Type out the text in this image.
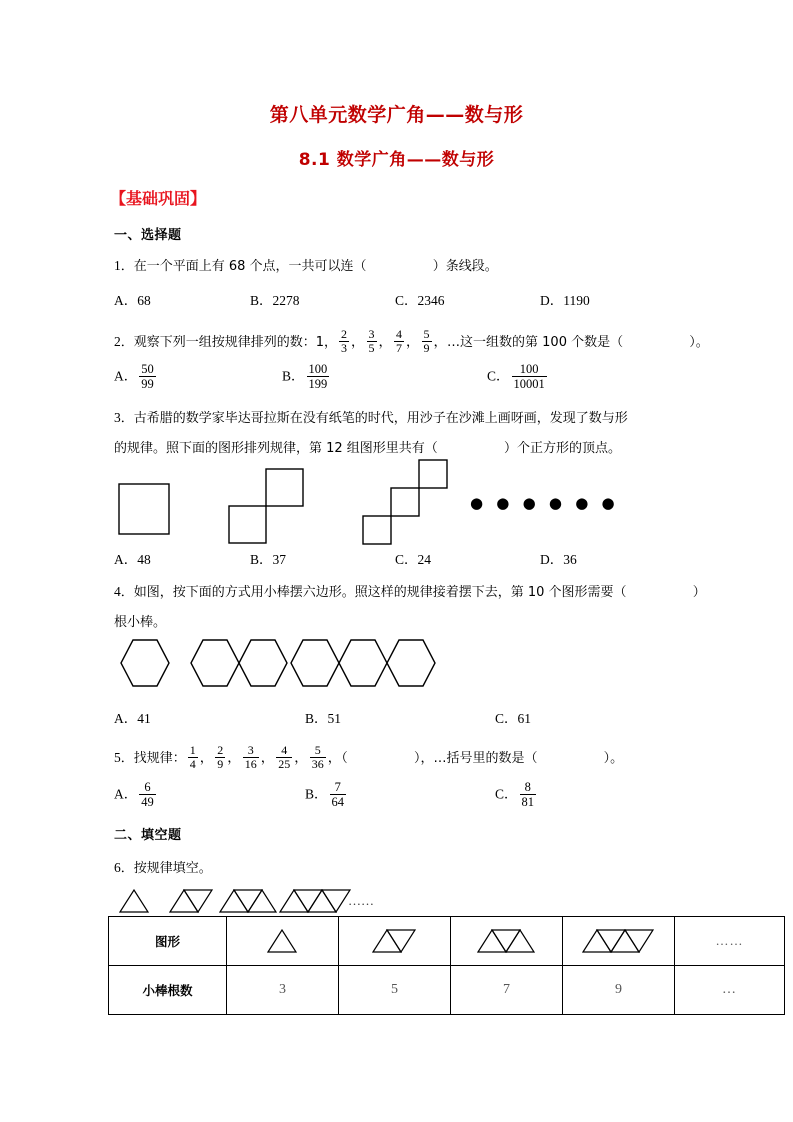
第八单元数学广角——数与形
8.1 数学广角——数与形
【基础巩固】
一、选择题
1．在一个平面上有 68 个点，一共可以连（	）条线段。
A．68	B．2278	C．2346	D．1190
2．观察下列一组按规律排列的数：1， $\frac{2}{3}$ ， $\frac{3}{5}$ ， $\frac{4}{7}$ ， $\frac{5}{9}$ ，…这一组数的第 100 个数是（	）。
A． $\frac{50}{99}$	B． $\frac{100}{199}$	C． $\frac{100}{10001}$
3．古希腊的数学家毕达哥拉斯在没有纸笔的时代，用沙子在沙滩上画呀画，发现了数与形
的规律。照下面的图形排列规律，第 12 组图形里共有（	）个正方形的顶点。
● ● ● ● ● ●
A．48	B．37	C．24	D．36
4．如图，按下面的方式用小棒摆六边形。照这样的规律接着摆下去，第 10 个图形需要（	）
根小棒。
A．41	B．51	C．61
5．找规律： $\frac{1}{4}$ ， $\frac{2}{9}$ ， $\frac{3}{16}$ ， $\frac{4}{25}$ ， $\frac{5}{36}$ ，（	），…括号里的数是（	）。
A． $\frac{6}{49}$	B． $\frac{7}{64}$	C． $\frac{8}{81}$
二、填空题
6．按规律填空。
……
图形					……
小棒根数	3	5	7	9	…
